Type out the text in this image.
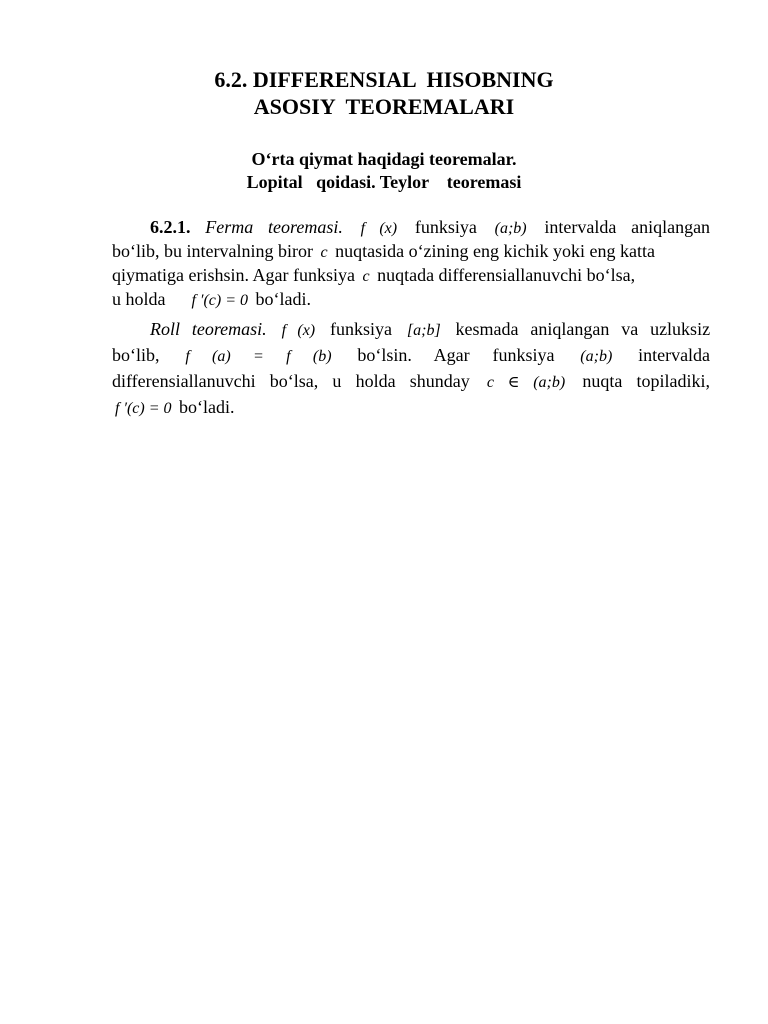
6.2. DIFFERENSIAL  HISOBNING
ASOSIY  TEOREMALARI
O‘rta qiymat haqidagi teoremalar.
Lopital   qoidasi. Teylor    teoremasi
6.2.1. Ferma teoremasi. f (x) funksiya (a;b) intervalda aniqlangan
bo‘lib, bu intervalning biror c nuqtasida o‘zining eng kichik yoki eng katta
qiymatiga erishsin. Agar funksiya c nuqtada differensiallanuvchi bo‘lsa,
u holda f ′(c) = 0 bo‘ladi.
Roll teoremasi. f (x) funksiya [a;b] kesmada aniqlangan va uzluksiz
bo‘lib, f (a) = f (b) bo‘lsin. Agar funksiya (a;b) intervalda
differensiallanuvchi bo‘lsa, u holda shunday c ∈ (a;b) nuqta topiladiki,
f ′(c) = 0 bo‘ladi.
